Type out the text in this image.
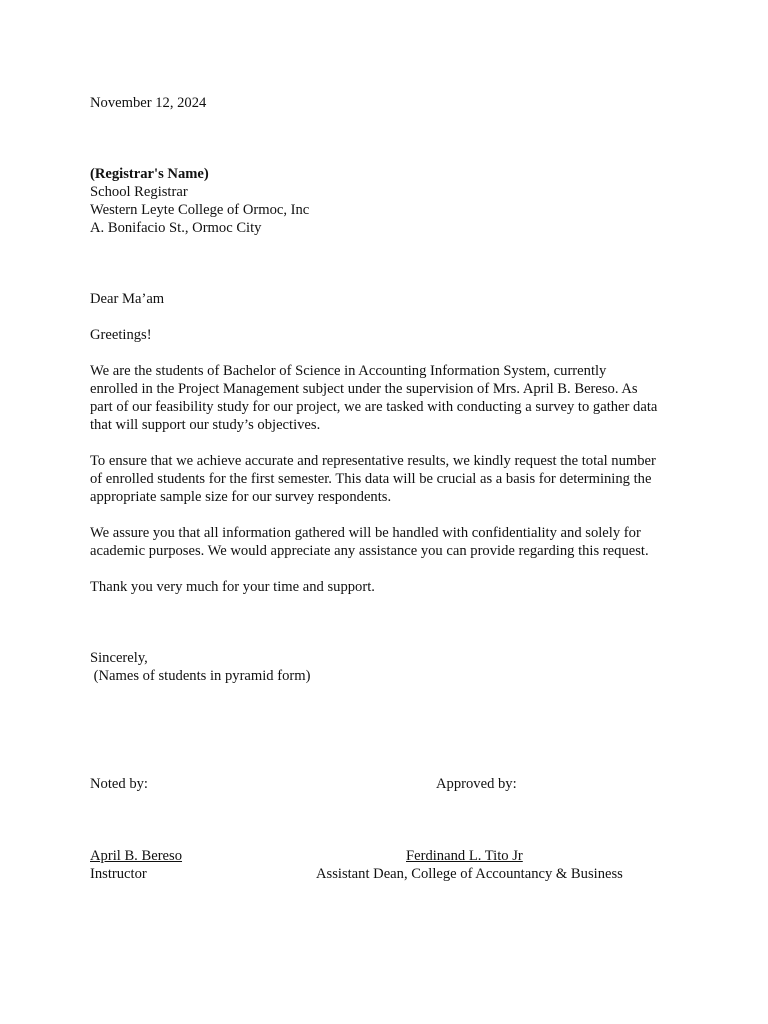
November 12, 2024

(Registrar's Name)
School Registrar
Western Leyte College of Ormoc, Inc
A. Bonifacio St., Ormoc City

Dear Ma’am

Greetings!

We are the students of Bachelor of Science in Accounting Information System, currently
enrolled in the Project Management subject under the supervision of Mrs. April B. Bereso. As
part of our feasibility study for our project, we are tasked with conducting a survey to gather data
that will support our study’s objectives.
To ensure that we achieve accurate and representative results, we kindly request the total number
of enrolled students for the first semester. This data will be crucial as a basis for determining the
appropriate sample size for our survey respondents.
We assure you that all information gathered will be handled with confidentiality and solely for
academic purposes. We would appreciate any assistance you can provide regarding this request.
Thank you very much for your time and support.
Sincerely,
(Names of students in pyramid form)

Noted by:	Approved by:

April B. Bereso

Instructor

Ferdinand L. Tito Jr

Assistant Dean, College of Accountancy & Business
